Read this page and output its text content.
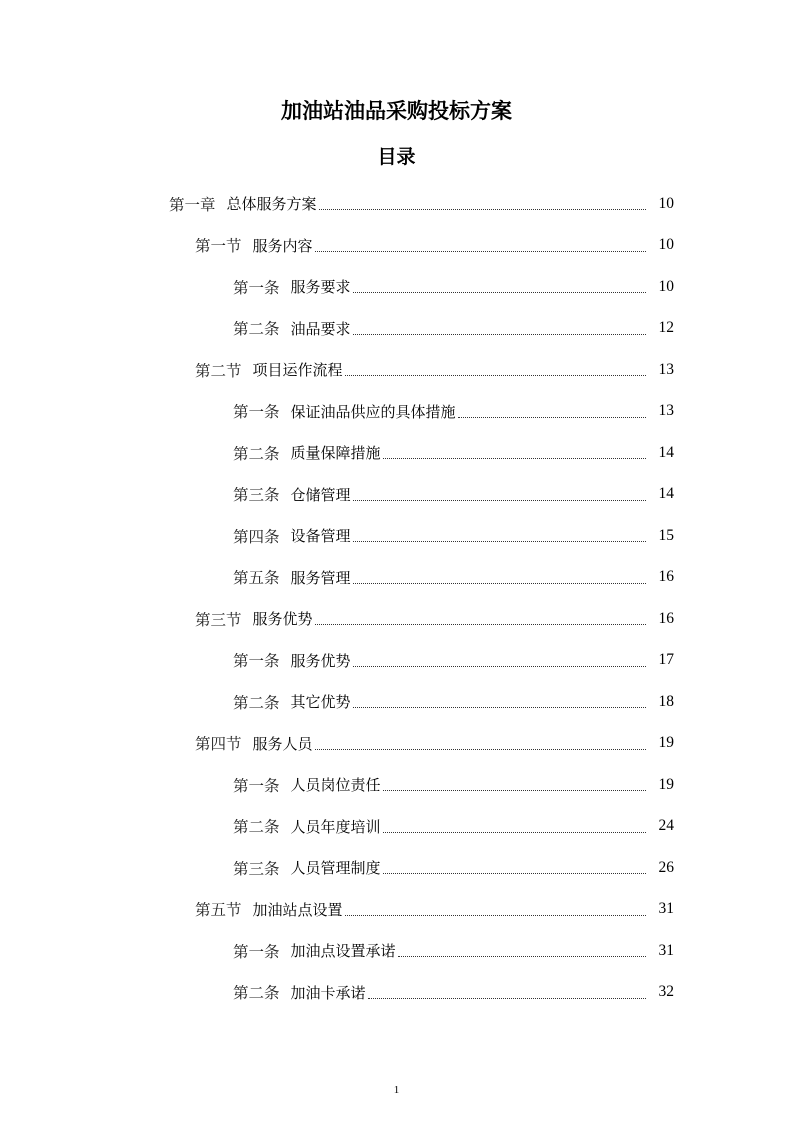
加油站油品采购投标方案
目录
第一章 总体服务方案	10
第一节 服务内容	10
第一条 服务要求	10
第二条 油品要求	12
第二节 项目运作流程	13
第一条 保证油品供应的具体措施	13
第二条 质量保障措施	14
第三条 仓储管理	14
第四条 设备管理	15
第五条 服务管理	16
第三节 服务优势	16
第一条 服务优势	17
第二条 其它优势	18
第四节 服务人员	19
第一条 人员岗位责任	19
第二条 人员年度培训	24
第三条 人员管理制度	26
第五节 加油站点设置	31
第一条 加油点设置承诺	31
第二条 加油卡承诺	32
1
